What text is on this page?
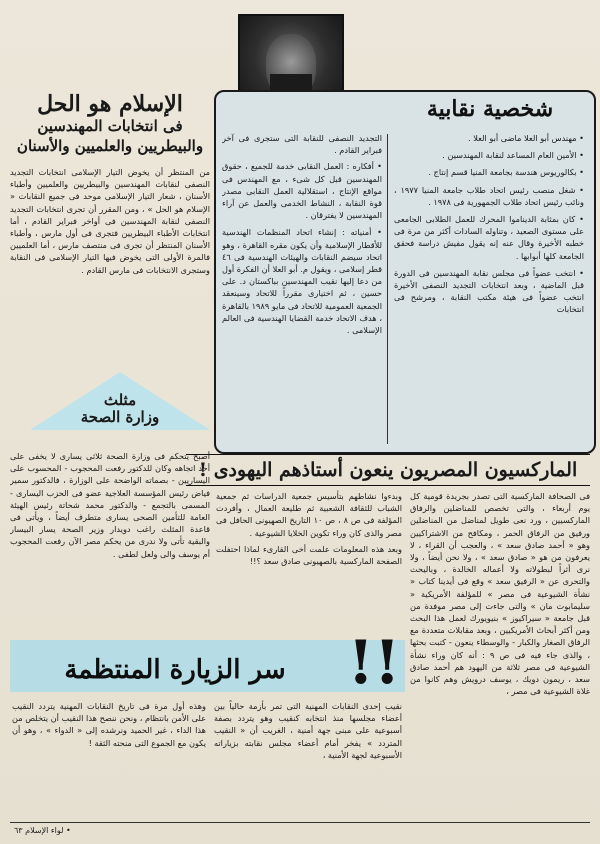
شخصية نقابية
• مهندس أبو العلا ماضى أبو العلا .
• الأمين العام المساعد لنقابة المهندسين .
• بكالوريوس هندسة بجامعة المنيا قسم إنتاج .
• شغل منصب رئيس اتحاد طلاب جامعة المنيا ١٩٧٧ ، ونائب رئيس اتحاد طلاب الجمهورية فى ١٩٧٨ .
• كان بمثابة الديناموا المحرك للعمل الطلابى الجامعى على مستوى الصعيد ، وتناوله السادات أكثر من مرة فى خطبه الأخيرة وقال عنه إنه يقول مفيش دراسة فحقق الجامعة كلها أبوابها .
• انتخب عضواً فى مجلس نقابة المهندسين فى الدورة قبل الماضية ، وبعد انتخابات التجديد النصفى الأخيرة انتخب عضواً فى هيئة مكتب النقابة ، ومرشح فى انتخابات

التجديد النصفى للنقابة التى ستجرى فى آخر فبراير القادم .

• أفكاره : العمل النقابى خدمة للجميع ، حقوق المهندسين قبل كل شىء ، مع المهندس فى مواقع الإنتاج ، استقلالية العمل النقابى مصدر قوة النقابة ، النشاط الخدمى والعمل عن آراء المهندسين لا يفترقان .
• أمنياته : إنشاء اتحاد المنظمات الهندسية للأقطار الإسلامية وأن يكون مقره القاهرة ، وهو اتحاد سيضم النقابات والهيئات الهندسية فى ٤٦ قطر إسلامى ، ويقول م. أبو العلا أن الفكرة أول من دعا إليها نقيب المهندسين بباكستان د. على حسين ، ثم اختيارى مقرراً للاتحاد وسينعقد الجمعية العمومية للاتحاد فى مايو ١٩٨٩ بالقاهرة ، هدف الاتحاد خدمة القضايا الهندسية فى العالم الإسلامى .
الإسلام هو الحل
فى انتخابات المهندسين
والبيطريين والعلميين والأسنان
من المنتظر أن يخوض التيار الإسلامى انتخابات التجديد النصفى لنقابات المهندسين والبيطريين والعلميين وأطباء الأسنان ، شعار التيار الإسلامى موحد فى جميع النقابات « الإسلام هو الحل » ، ومن المقرر أن تجرى انتخابات التجديد النصفى لنقابة المهندسين فى أواخر فبراير القادم ، أما انتخابات الأطباء البيطريين فتجرى فى أول مارس ، وأطباء الأسنان المنتظر أن تجرى فى منتصف مارس ، أما العلميين فالمرة الأولى التى يخوض فيها التيار الإسلامى فى النقابة وستجرى الانتخابات فى مارس القادم .
مثلث
وزارة الصحة
أصبح يتحكم فى وزارة الصحة ثلاثى يسارى لا يخفى على أحد اتجاهه وكان للدكتور رفعت المحجوب - المحسوب على اليساريين - بصماته الواضحة على الوزارة ، فالدكتور سمير فياض رئيس المؤسسة العلاجية عضو فى الحزب اليسارى - المسمى بالتجمع - والدكتور محمد شحاتة رئيس الهيئة العامة للتأمين الصحى يسارى متطرف أيضاً ، ويأتى فى قاعدة المثلث راغب دويدار وزير الصحة يسار البيسار والبقية تأتى ولا ندرى من يحكم مصر الآن رفعت المحجوب أم يوسف والى ولعل لطفى .
الماركسيون المصريون ينعون أستاذهم اليهودى !
فى الصحافة الماركسية التى تصدر بجريدة قومية كل يوم أربعاء ، والتى تخصص للمناضلين والرفاق الماركسيين ، ورد نعى طويل لمناضل من المناضلين ورفيق من الرفاق الحمر ، ومكافح من الاشتراكيين وهو « أحمد صادق سعد » ، والعجب أن القراء ، لا يعرفون من هو « صادق سعد » ، ولا نحن أيضاً ، ولا نرى أثراً لبطولاته ولا أعماله الخالدة ، وباليحث والتحرى عن « الرفيق سعد » وقع فى أيدينا كتاب « نشأة الشيوعية فى مصر » للمؤلفة الأمريكية « سليمابوت مان » والتى جاءت إلى مصر موفدة من قبل جامعة « سيراكيوز » بنيويورك لعمل هذا البحث ومن أكثر أبحاث الأمريكيين ، وبعد مقابلات متعددة مع الرفاق الصغار والكبار - والوسطاء ينعون - كتبت بحثها ، والذى جاء فيه فى ص ٩ : أنه كان وراء نشأة الشيوعية فى مصر ثلاثة من اليهود هم أحمد صادق سعد ، ريمون دويك ، يوسف درويش وهم كانوا من غلاة الشيوعية فى مصر ،

وبدءوا نشاطهم بتأسيس جمعية الدراسات ثم جمعية الشباب للثقافة الشعبية ثم طليعة العمال ، وأفردت المؤلفة فى ص ٨ ، ص ١٠ التاريخ الصهيونى الحافل فى مصر والذى كان وراء تكوين الخلايا الشيوعية .

وبعد هذه المعلومات علمت أخى القارىء لماذا احتفلت الصفحة الماركسية بالصهيونى صادق سعد ؟!!

سر الزيارة المنتظمة	!!
نقيب إحدى النقابات المهنية التى تمر بأزمة حالياً بين أعضاء مجلسها منذ انتخابه كنقيب وهو يتردد بصفة أسبوعية على مبنى جهة أمنية ، الغريب أن « النقيب المتردد » يفخر أمام أعضاء مجلس نقابته بزياراته الأسبوعية لجهة الأمنية ،
وهذه أول مرة فى تاريخ النقابات المهنية يتردد النقيب على الأمن بانتظام ، ونحن ننصح هذا النقيب أن يتخلص من هذا الداء ، غير الحميد ونرشده إلى « الدواء » ، وهو أن يكون مع الجموع التى منحته الثقة !
• لواء الإسلام ٦٣
